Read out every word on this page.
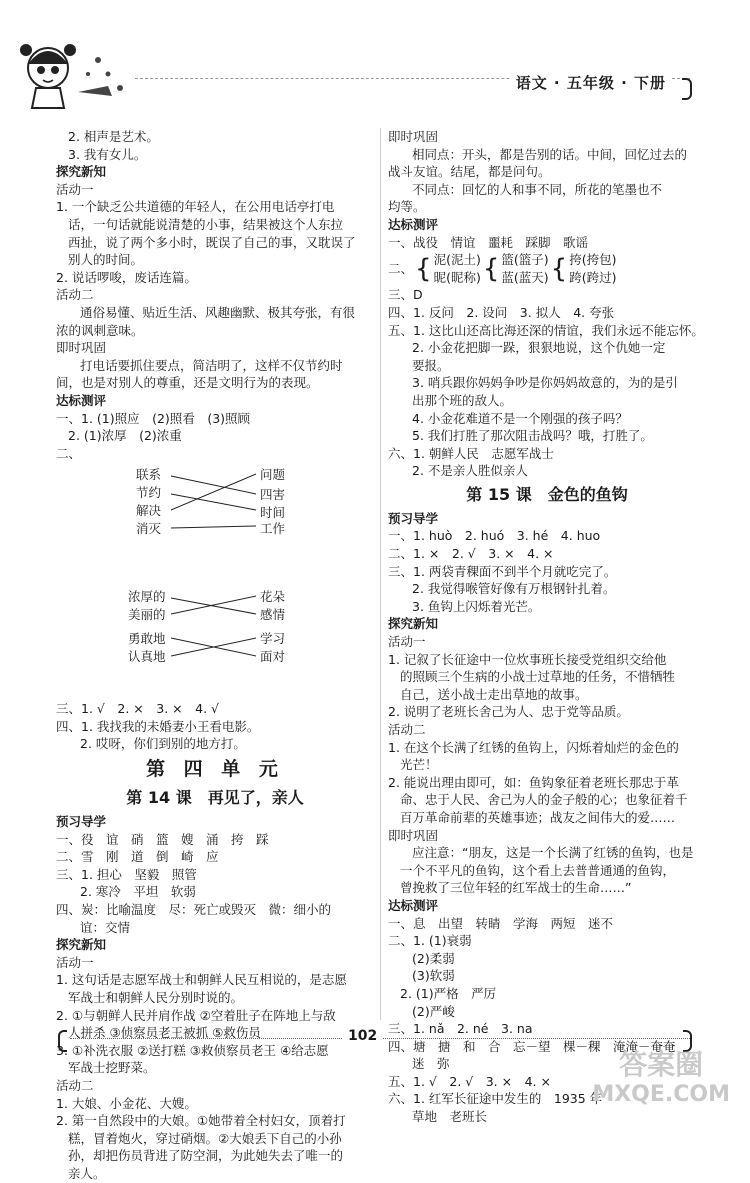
语文 · 五年级 · 下册
2. 相声是艺术。
3. 我有女儿。
探究新知
活动一
1. 一个缺乏公共道德的年轻人，在公用电话亭打电
话，一句话就能说清楚的小事，结果被这个人东拉
西扯，说了两个多小时，既误了自己的事，又耽误了
别人的时间。
2. 说话啰唆，废话连篇。
活动二
通俗易懂、贴近生活、风趣幽默、极其夸张，有很
浓的讽刺意味。
即时巩固
打电话要抓住要点，简洁明了，这样不仅节约时
间，也是对别人的尊重，还是文明行为的表现。
达标测评
一、1. (1)照应　(2)照看　(3)照顾
2. (1)浓厚　(2)浓重
二、
联系
节约
解决
消灭
问题
四害
时间
工作
浓厚的
美丽的
勇敢地
认真地
花朵
感情
学习
面对
三、1. √　2. ×　3. ×　4. √
四、1. 我找我的未婚妻小王看电影。
2. 哎呀，你们到别的地方打。
第 四 单 元
第 14 课　再见了，亲人
预习导学
一、役　谊　硝　篮　嫂　涌　挎　踩
二、雪　刚　道　倒　崎　应
三、1. 担心　坚毅　照管
2. 寒冷　平坦　软弱
四、炭：比喻温度　尽：死亡或毁灭　微：细小的
谊：交情
探究新知
活动一
1. 这句话是志愿军战士和朝鲜人民互相说的，是志愿
军战士和朝鲜人民分别时说的。
2. ①与朝鲜人民并肩作战 ②空着肚子在阵地上与敌
人拼杀 ③侦察员老王被抓 ⑤救伤员
3. ①补洗衣服 ②送打糕 ③救侦察员老王 ④给志愿
军战士挖野菜。
活动二
1. 大娘、小金花、大嫂。
2. 第一自然段中的大娘。①她带着全村妇女，顶着打
糕，冒着炮火，穿过硝烟。②大娘丢下自己的小孙
孙，却把伤员背进了防空洞，为此她失去了唯一的
亲人。
即时巩固
相同点：开头，都是告别的话。中间，回忆过去的
战斗友谊。结尾，都是问句。
不同点：回忆的人和事不同，所花的笔墨也不
均等。
达标测评
一、战役　情谊　噩耗　踩脚　歌谣
二、 { 泥(泥土)
昵(昵称) { 篮(篮子)
蓝(蓝天) { 挎(挎包)
跨(跨过)
三、D
四、1. 反问　2. 设问　3. 拟人　4. 夸张
五、1. 这比山还高比海还深的情谊，我们永远不能忘怀。
2. 小金花把脚一跺，狠狠地说，这个仇她一定
要报。
3. 哨兵跟你妈妈争吵是你妈妈故意的，为的是引
出那个班的敌人。
4. 小金花难道不是一个刚强的孩子吗？
5. 我们打胜了那次阻击战吗？哦，打胜了。
六、1. 朝鲜人民　志愿军战士
2. 不是亲人胜似亲人
第 15 课　金色的鱼钩
预习导学
一、1. huò　2. huó　3. hé　4. huo
二、1. ×　2. √　3. ×　4. ×
三、1. 两袋青稞面不到半个月就吃完了。
2. 我觉得喉管好像有万根钢针扎着。
3. 鱼钩上闪烁着光芒。
探究新知
活动一
1. 记叙了长征途中一位炊事班长接受党组织交给他
的照顾三个生病的小战士过草地的任务，不惜牺牲
自己，送小战士走出草地的故事。
2. 说明了老班长舍己为人、忠于党等品质。
活动二
1. 在这个长满了红锈的鱼钩上，闪烁着灿烂的金色的
光芒！
2. 能说出理由即可，如：鱼钩象征着老班长那忠于革
命、忠于人民、舍己为人的金子般的心；也象征着千
百万革命前辈的英雄事迹；战友之间伟大的爱……
即时巩固
应注意：“朋友，这是一个长满了红锈的鱼钩，也是
一个不平凡的鱼钩，这个看上去普普通通的鱼钩，
曾挽救了三位年轻的红军战士的生命……”
达标测评
一、息　出望　转睛　学海　两短　迷不
二、1. (1)衰弱
(2)柔弱
(3)软弱
2. (1)严格　严厉
(2)严峻
三、1. nǎ　2. né　3. na
四、塘　搪　和　合　忘－望　棵－稞　淹淹－奄奄
迷　弥
五、1. √　2. √　3. ×　4. ×
六、1. 红军长征途中发生的　1935 年
草地　老班长
102
答案圈
MXQE.COM
